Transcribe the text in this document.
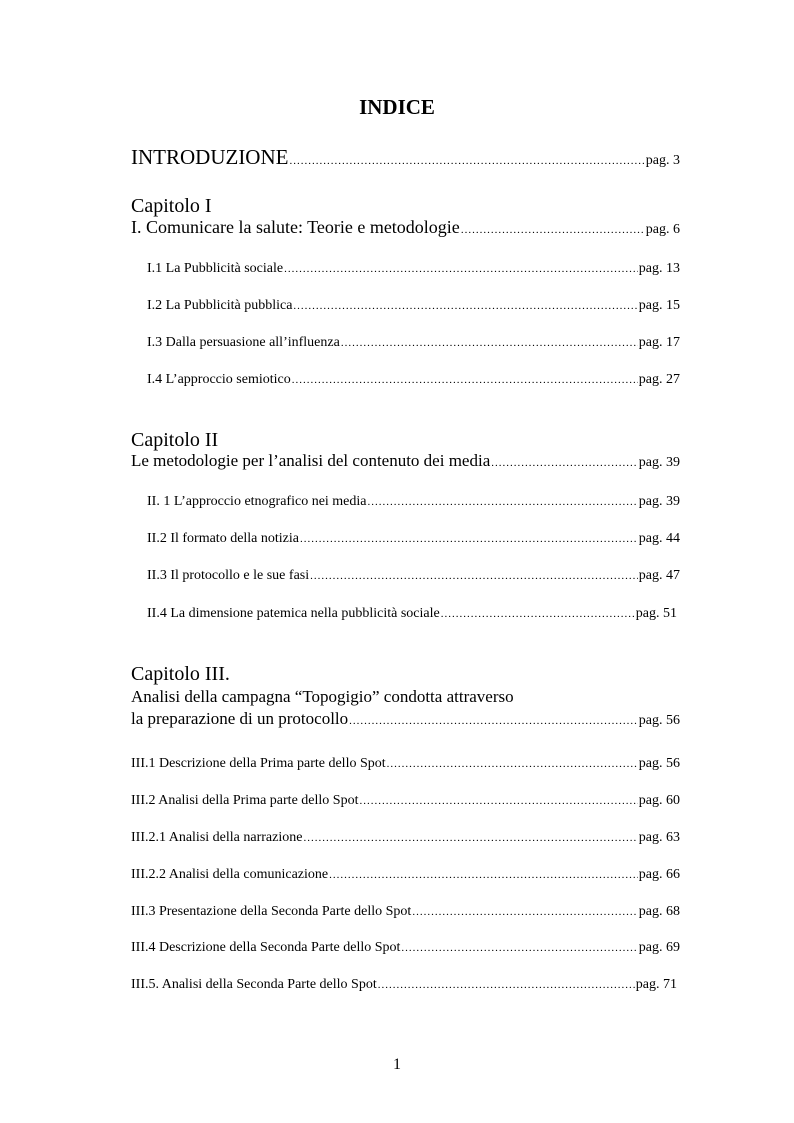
INDICE
INTRODUZIONE .....	pag. 3
Capitolo I
I. Comunicare la salute: Teorie e metodologie .....	pag. 6
I.1 La Pubblicità sociale .....	pag. 13
I.2 La Pubblicità pubblica .....	pag. 15
I.3 Dalla persuasione all’influenza .....	pag. 17
I.4 L’approccio semiotico .....	pag. 27
Capitolo II
Le metodologie per l’analisi del contenuto dei media .....	pag. 39
II. 1 L’approccio etnografico nei media .....	pag. 39
II.2 Il formato della notizia .....	pag. 44
II.3 Il protocollo e le sue fasi .....	pag. 47
II.4 La dimensione patemica nella pubblicità sociale .....	pag. 51
Capitolo III.
Analisi della campagna “Topogigio” condotta attraverso
la preparazione di un protocollo .....	pag. 56
III.1 Descrizione della Prima parte dello Spot .....	pag. 56
III.2 Analisi della Prima parte dello Spot .....	pag. 60
III.2.1 Analisi della narrazione .....	pag. 63
III.2.2 Analisi della comunicazione .....	pag. 66
III.3 Presentazione della Seconda Parte dello Spot .....	pag. 68
III.4 Descrizione della Seconda Parte dello Spot .....	pag. 69
III.5. Analisi della Seconda Parte dello Spot .....	pag. 71
1
